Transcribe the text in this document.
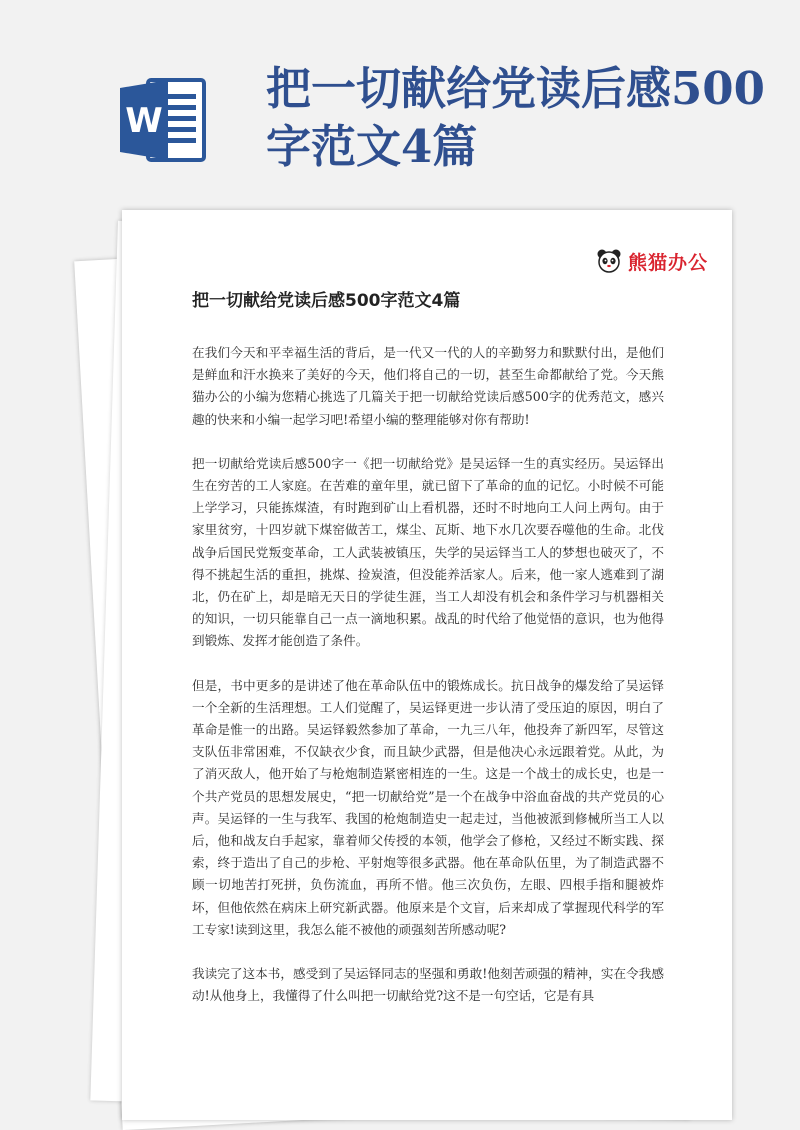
W
把一切献给党读后感500字范文4篇
熊猫办公
把一切献给党读后感500字范文4篇

在我们今天和平幸福生活的背后，是一代又一代的人的辛勤努力和默默付出，是他们是鲜血和汗水换来了美好的今天，他们将自己的一切，甚至生命都献给了党。今天熊猫办公的小编为您精心挑选了几篇关于把一切献给党读后感500字的优秀范文，感兴趣的快来和小编一起学习吧!希望小编的整理能够对你有帮助!

把一切献给党读后感500字一《把一切献给党》是吴运铎一生的真实经历。吴运铎出生在穷苦的工人家庭。在苦难的童年里，就已留下了革命的血的记忆。小时候不可能上学学习，只能拣煤渣，有时跑到矿山上看机器，还时不时地向工人问上两句。由于家里贫穷，十四岁就下煤窑做苦工，煤尘、瓦斯、地下水几次要吞噬他的生命。北伐战争后国民党叛变革命，工人武装被镇压，失学的吴运铎当工人的梦想也破灭了，不得不挑起生活的重担，挑煤、捡炭渣，但没能养活家人。后来，他一家人逃难到了湖北，仍在矿上，却是暗无天日的学徒生涯，当工人却没有机会和条件学习与机器相关的知识，一切只能靠自己一点一滴地积累。战乱的时代给了他觉悟的意识，也为他得到锻炼、发挥才能创造了条件。

但是，书中更多的是讲述了他在革命队伍中的锻炼成长。抗日战争的爆发给了吴运铎一个全新的生活理想。工人们觉醒了，吴运铎更进一步认清了受压迫的原因，明白了革命是惟一的出路。吴运铎毅然参加了革命，一九三八年，他投奔了新四军，尽管这支队伍非常困难，不仅缺衣少食，而且缺少武器，但是他决心永远跟着党。从此，为了消灭敌人，他开始了与枪炮制造紧密相连的一生。这是一个战士的成长史，也是一个共产党员的思想发展史，“把一切献给党”是一个在战争中浴血奋战的共产党员的心声。吴运铎的一生与我军、我国的枪炮制造史一起走过，当他被派到修械所当工人以后，他和战友白手起家，靠着师父传授的本领，他学会了修枪，又经过不断实践、探索，终于造出了自己的步枪、平射炮等很多武器。他在革命队伍里，为了制造武器不顾一切地苦打死拼，负伤流血，再所不惜。他三次负伤，左眼、四根手指和腿被炸坏，但他依然在病床上研究新武器。他原来是个文盲，后来却成了掌握现代科学的军工专家!读到这里，我怎么能不被他的顽强刻苦所感动呢?

我读完了这本书，感受到了吴运铎同志的坚强和勇敢!他刻苦顽强的精神，实在令我感动!从他身上，我懂得了什么叫把一切献给党?这不是一句空话，它是有具
